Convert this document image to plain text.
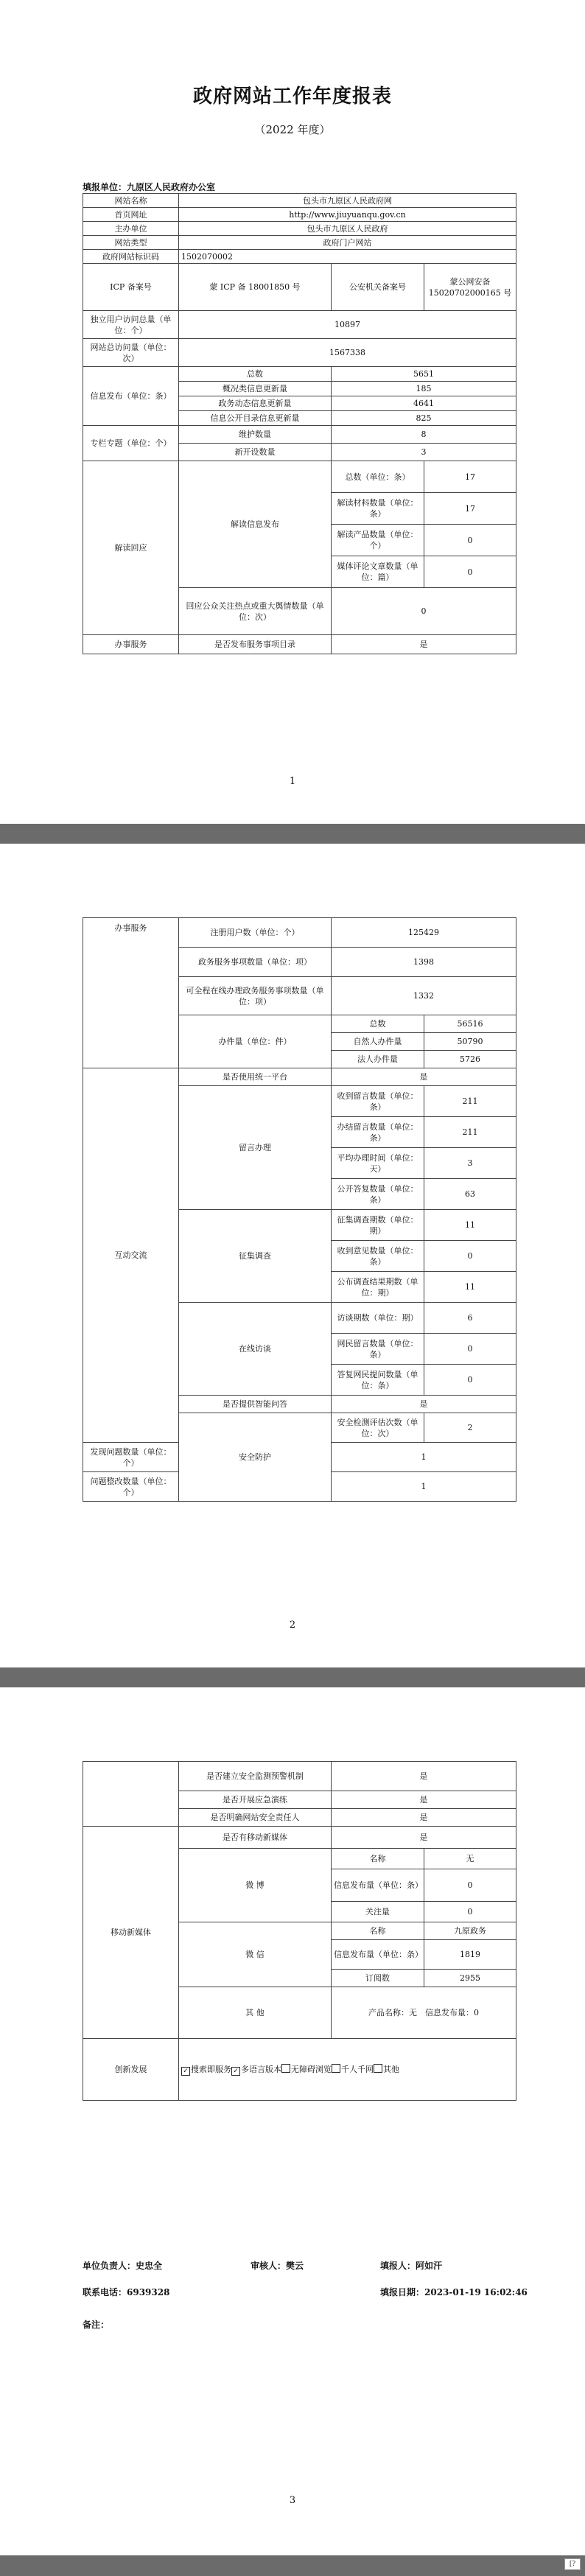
政府网站工作年度报表
（2022 年度）
填报单位：九原区人民政府办公室
网站名称	包头市九原区人民政府网		
首页网址	http://www.jiuyuanqu.gov.cn		
主办单位	包头市九原区人民政府		
网站类型	政府门户网站		
政府网站标识码	1502070002		
ICP 备案号	蒙 ICP 备 18001850 号	公安机关备案号	蒙公网安备 15020702000165 号
独立用户访问总量（单位：个）	10897		
网站总访问量（单位：次）	1567338		
信息发布（单位：条）	总数	5651	
	概况类信息更新量	185	
	政务动态信息更新量	4641	
	信息公开目录信息更新量	825	
专栏专题（单位：个）	维护数量	8	
	新开设数量	3	
解读回应	解读信息发布	总数（单位：条）	17
		解读材料数量（单位：条）	17
		解读产品数量（单位：个）	0
		媒体评论文章数量（单位：篇）	0
	回应公众关注热点或重大舆情数量（单位：次）	0	
办事服务	是否发布服务事项目录	是	
1
办事服务	注册用户数（单位：个）	125429	
	政务服务事项数量（单位：项）	1398	
	可全程在线办理政务服务事项数量（单位：项）	1332	
	办件量（单位：件）	总数	56516
		自然人办件量	50790
		法人办件量	5726
互动交流	是否使用统一平台	是	
	留言办理	收到留言数量（单位：条）	211
		办结留言数量（单位：条）	211
		平均办理时间（单位：天）	3
		公开答复数量（单位：条）	63
	征集调查	征集调查期数（单位：期）	11
		收到意见数量（单位：条）	0
		公布调查结果期数（单位：期）	11
	在线访谈	访谈期数（单位：期）	6
		网民留言数量（单位：条）	0
		答复网民提问数量（单位：条）	0
	是否提供智能问答	是	
	安全防护	安全检测评估次数（单位：次）	2
发现问题数量（单位：个）		1	
问题整改数量（单位：个）		1	
2
	是否建立安全监测预警机制	是	
	是否开展应急演练	是	
	是否明确网站安全责任人	是	
移动新媒体	是否有移动新媒体	是	
	微 博	名称	无
		信息发布量（单位：条）	0
		关注量	0
	微 信	名称	九原政务
		信息发布量（单位：条）	1819
		订阅数	2955
	其 他	产品名称：无　信息发布量：0	
创新发展	✓ 搜索即服务 ✓ 多语言版本 无障碍浏览 千人千网 其他		
单位负责人：史忠全	审核人：樊云	填报人：阿如汗
联系电话：6939328	填报日期：2023-01-19 16:02:46
备注：
3
[?
